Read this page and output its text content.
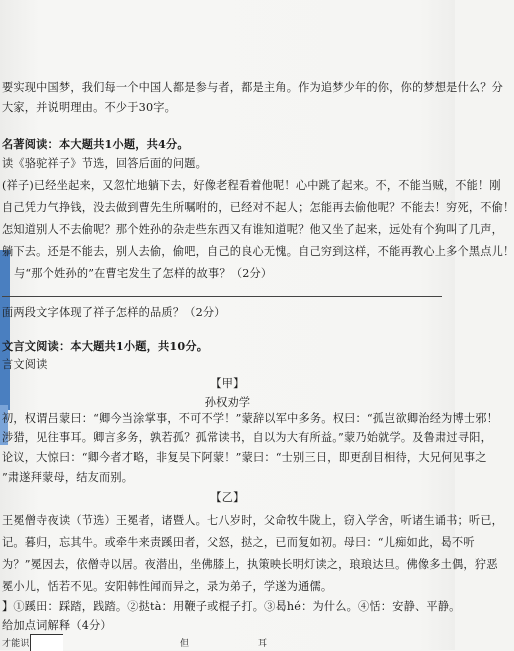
要实现中国梦，我们每一个中国人都是参与者，都是主角。作为追梦少年的你，你的梦想是什么？分
大家，并说明理由。不少于30字。
名著阅读：本大题共1小题，共4分。
读《骆驼祥子》节选，回答后面的问题。
(祥子)已经坐起来，又忽忙地躺下去，好像老程看着他呢！心中跳了起来。不，不能当贼，不能！刚
自己凭力气挣钱，没去做到曹先生所嘱咐的，已经对不起人；怎能再去偷他呢？不能去！穷死，不偷！
怎知道别人不去偷呢？那个姓孙的杂走些东西又有谁知道呢？他又坐了起来，远处有个狗叫了几声，
躺下去。还是不能去，别人去偷，偷吧，自己的良心无愧。自己穷到这样，不能再教心上多个黑点儿！
与“那个姓孙的”在曹宅发生了怎样的故事？（2分）
面两段文字体现了祥子怎样的品质？（2分）
文言文阅读：本大题共1小题，共10分。
言文阅读
【甲】
孙权劝学
初，权谓吕蒙曰：“卿今当涂掌事，不可不学！”蒙辞以军中多务。权曰：“孤岂欲卿治经为博士邪！
涉猎，见往事耳。卿言多务，孰若孤？孤常读书，自以为大有所益。”蒙乃始就学。及鲁肃过寻阳，
论议，大惊曰：“卿今者才略，非复吴下阿蒙！”蒙曰：“士别三日，即更刮目相待，大兄何见事之
”肃遂拜蒙母，结友而别。
【乙】
王冕僧寺夜读（节选）王冕者，诸暨人。七八岁时，父命牧牛陇上，窃入学舍，听诸生诵书；听已，
记。暮归，忘其牛。或牵牛来责蹊田者，父怒，挞之，已而复如初。母曰：“儿痴如此，曷不听
为？”冕因去，依僧寺以居。夜潜出，坐佛膝上，执策映长明灯读之，琅琅达旦。佛像多土偶，狞恶
冕小儿，恬若不见。安阳韩性闻而异之，录为弟子，学遂为通儒。
】①蹊田：踩踏，践踏。②挞tà：用鞭子或棍子打。③曷hé：为什么。④恬：安静、平静。
给加点词解释（4分）
才能识	但	耳
